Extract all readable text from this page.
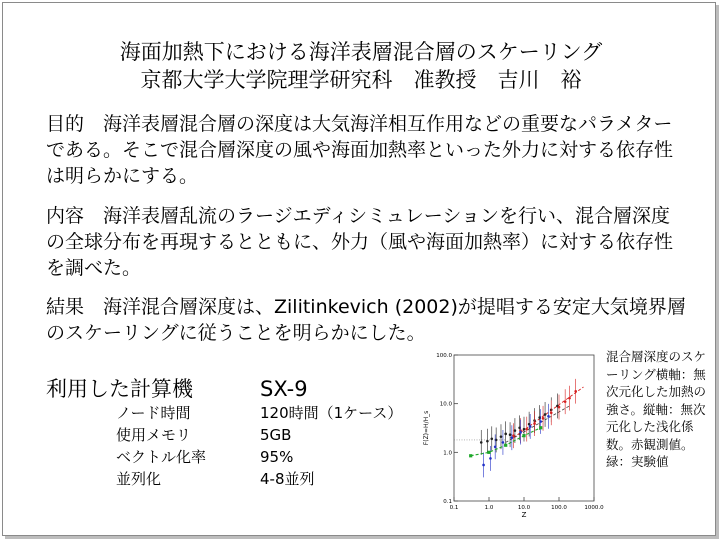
海面加熱下における海洋表層混合層のスケーリング
京都大学大学院理学研究科　准教授　吉川　裕
目的　海洋表層混合層の深度は大気海洋相互作用などの重要なパラメターである。そこで混合層深度の風や海面加熱率といった外力に対する依存性は明らかにする。
内容　海洋表層乱流のラージエディシミュレーションを行い、混合層深度の全球分布を再現するとともに、外力（風や海面加熱率）に対する依存性を調べた。
結果　海洋混合層深度は、Zilitinkevich (2002)が提唱する安定大気境界層のスケーリングに従うことを明らかにした。
利用した計算機	SX-9
ノード時間	120時間（1ケース）
使用メモリ	5GB
ベクトル化率	95%
並列化	4-8並列
100.0
10.0
1.0
0.1
0.1	1.0	10.0	100.0	1000.0
Z
F(Z)=H/H_s
混合層深度のスケーリング横軸：無次元化した加熱の強さ。縦軸：無次元化した浅化係数。赤観測値。緑：実験値
